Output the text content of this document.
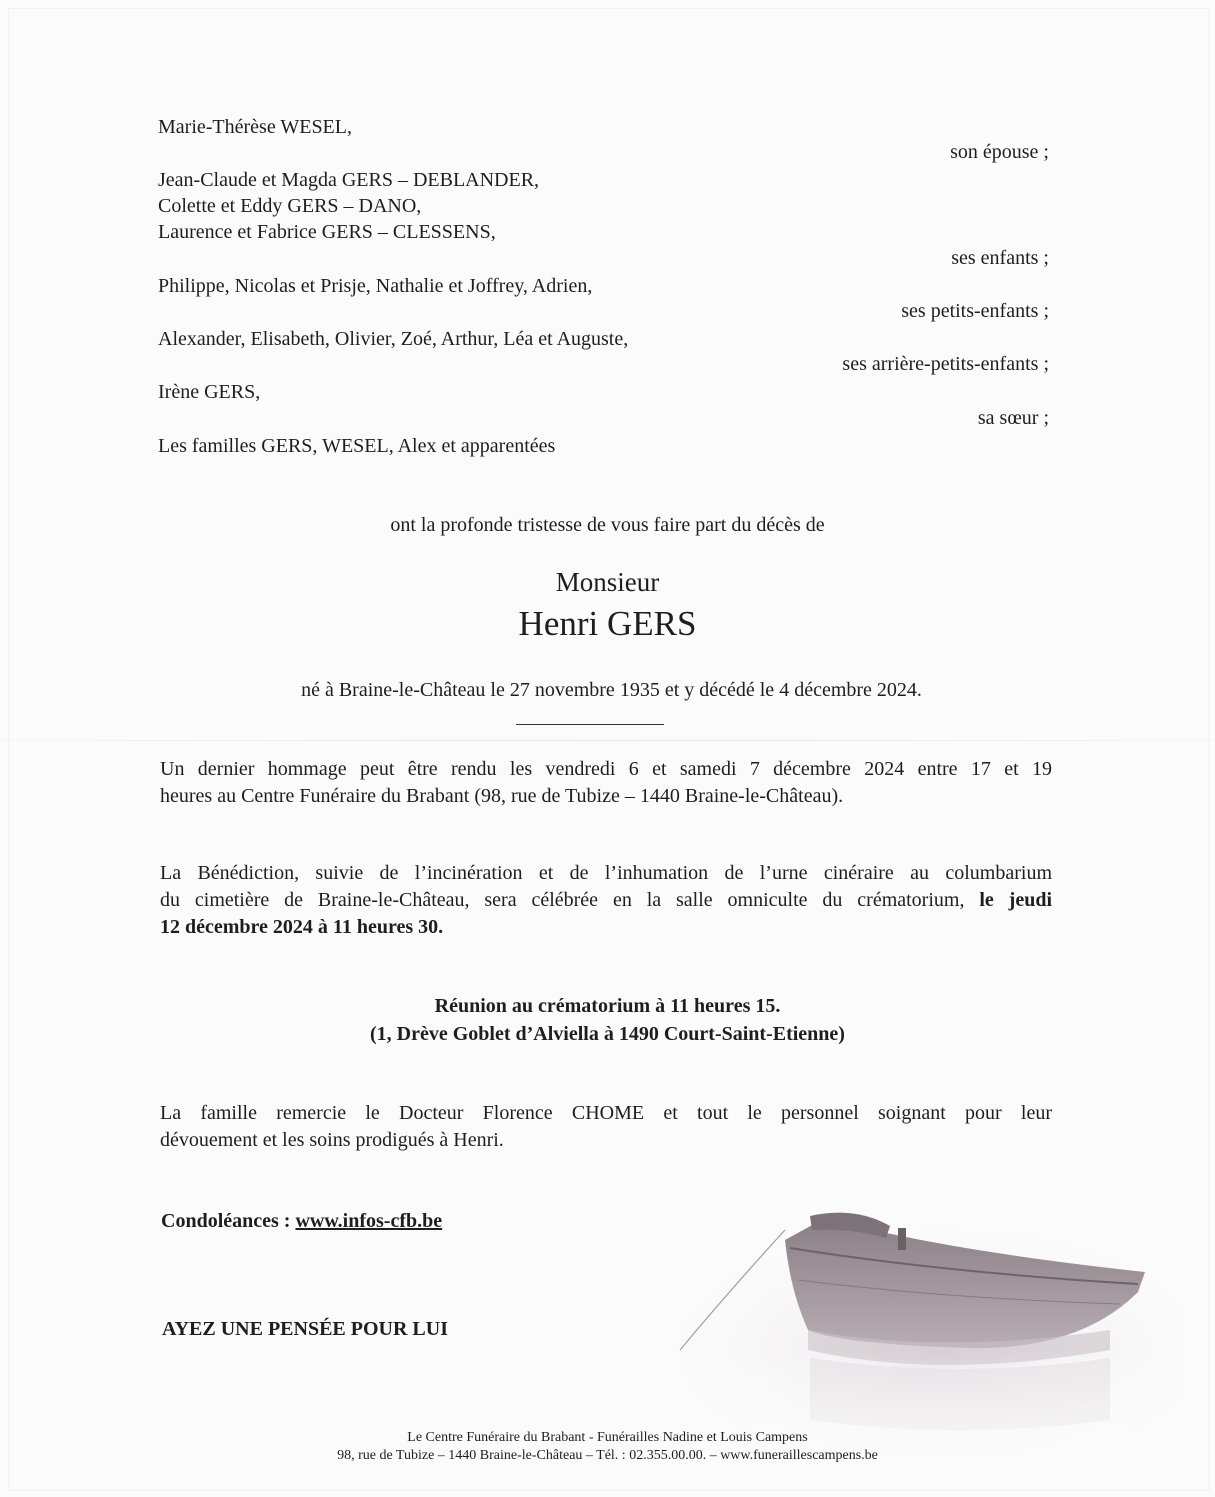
Marie-Thérèse WESEL,
son épouse ;
Jean-Claude et Magda GERS – DEBLANDER,
Colette et Eddy GERS – DANO,
Laurence et Fabrice GERS – CLESSENS,
ses enfants ;
Philippe, Nicolas et Prisje, Nathalie et Joffrey, Adrien,
ses petits-enfants ;
Alexander, Elisabeth, Olivier, Zoé, Arthur, Léa et Auguste,
ses arrière-petits-enfants ;
Irène GERS,
sa sœur ;
Les familles GERS, WESEL, Alex et apparentées
ont la profonde tristesse de vous faire part du décès de
Monsieur
Henri GERS
né à Braine-le-Château le 27 novembre 1935 et y décédé le 4 décembre 2024.
Un dernier hommage peut être rendu les vendredi 6 et samedi 7 décembre 2024 entre 17 et 19
heures au Centre Funéraire du Brabant (98, rue de Tubize – 1440 Braine-le-Château).
La Bénédiction, suivie de l’incinération et de l’inhumation de l’urne cinéraire au columbarium
du cimetière de Braine-le-Château, sera célébrée en la salle omniculte du crématorium, le jeudi
12 décembre 2024 à 11 heures 30.
Réunion au crématorium à 11 heures 15.
(1, Drève Goblet d’Alviella à 1490 Court-Saint-Etienne)
La famille remercie le Docteur Florence CHOME et tout le personnel soignant pour leur
dévouement et les soins prodigués à Henri.
Condoléances : www.infos-cfb.be
AYEZ UNE PENSÉE POUR LUI
Le Centre Funéraire du Brabant - Funérailles Nadine et Louis Campens
98, rue de Tubize – 1440 Braine-le-Château – Tél. : 02.355.00.00. – www.funeraillescampens.be
